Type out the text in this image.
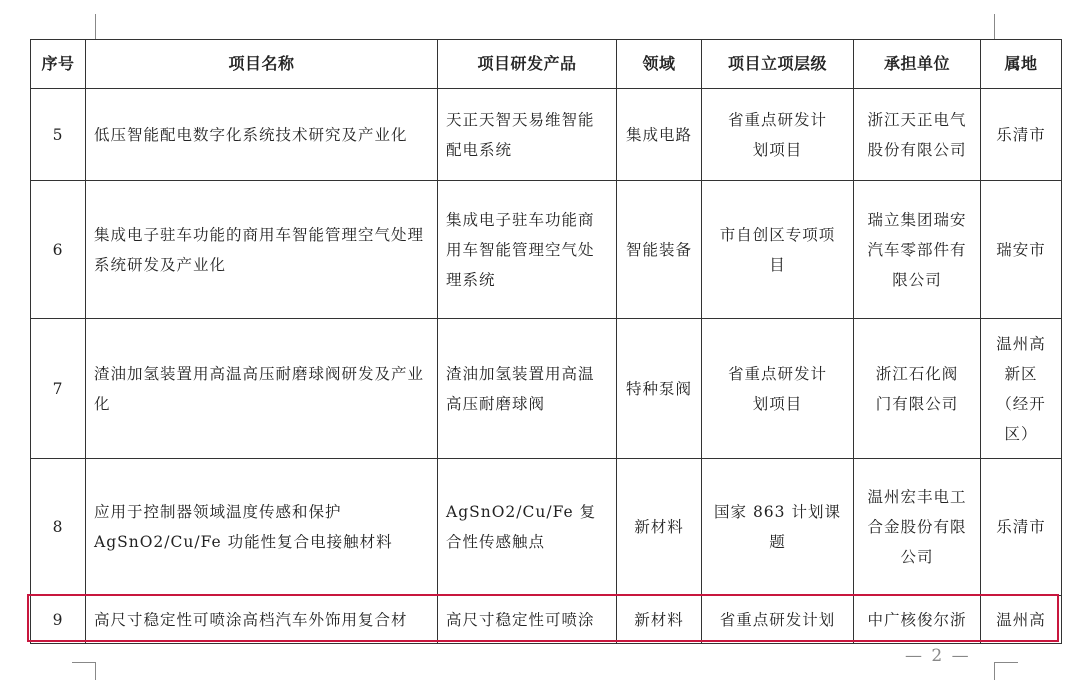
序号	项目名称	项目研发产品	领域	项目立项层级	承担单位	属地
5	低压智能配电数字化系统技术研究及产业化	天正天智天易维智能配电系统	集成电路	省重点研发计划项目	浙江天正电气股份有限公司	乐清市
6	集成电子驻车功能的商用车智能管理空气处理系统研发及产业化	集成电子驻车功能商用车智能管理空气处理系统	智能装备	市自创区专项项目	瑞立集团瑞安汽车零部件有限公司	瑞安市
7	渣油加氢装置用高温高压耐磨球阀研发及产业化	渣油加氢装置用高温高压耐磨球阀	特种泵阀	省重点研发计划项目	浙江石化阀门有限公司	温州高新区（经开区）
8	应用于控制器领域温度传感和保护AgSnO2/Cu/Fe 功能性复合电接触材料	AgSnO2/Cu/Fe 复合性传感触点	新材料	国家 863 计划课题	温州宏丰电工合金股份有限公司	乐清市
9	高尺寸稳定性可喷涂高档汽车外饰用复合材	高尺寸稳定性可喷涂	新材料	省重点研发计划	中广核俊尔浙	温州高
— 2 —
